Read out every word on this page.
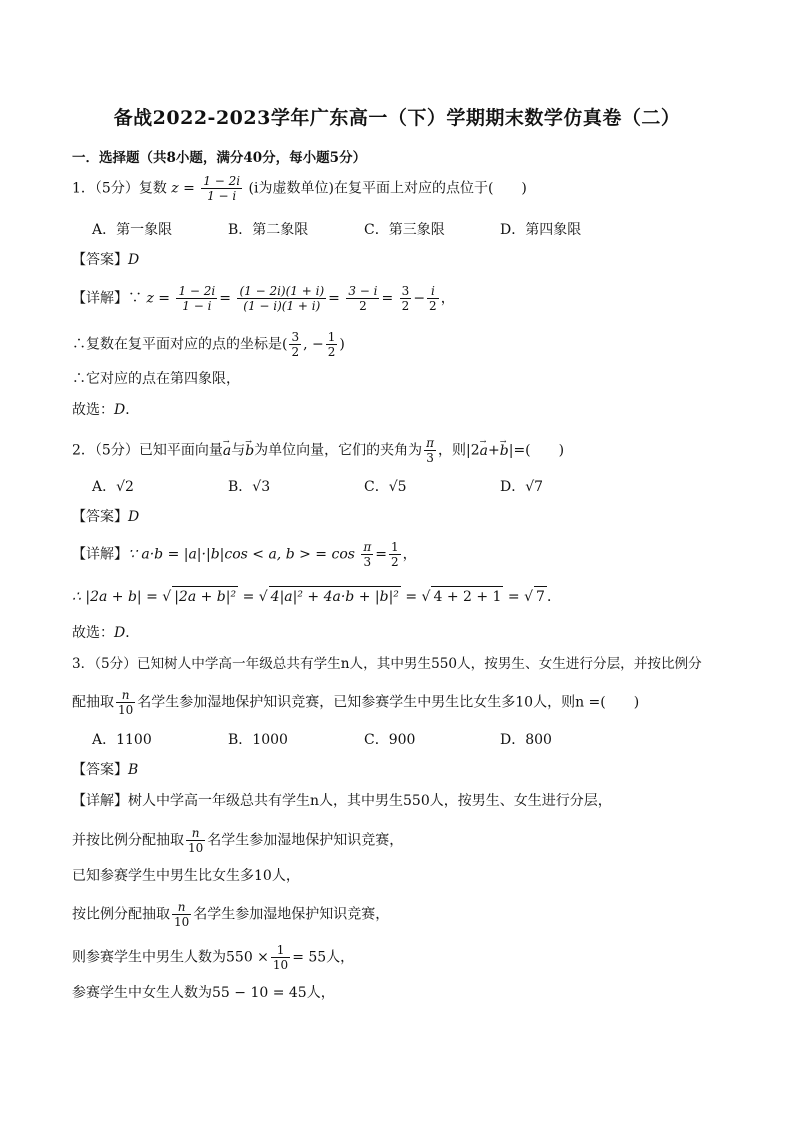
备战2022-2023学年广东高一（下）学期期末数学仿真卷（二）
一．选择题（共8小题，满分40分，每小题5分）
1．（5分）复数 $z = \frac{1 - 2i}{1 - i} (i$为虚数单位)在复平面上对应的点位于(　　)
A．第一象限	B．第二象限	C．第三象限	D．第四象限
【答案】D
【详解】∵ $z = \frac{1 - 2i}{1 - i} = \frac{(1 - 2i)(1 + i)}{(1 - i)(1 + i)} = \frac{3 - i}{2} = \frac{3}{2} - \frac{i}{2}$ ，
∴复数在复平面对应的点的坐标是( $\frac{3}{2}$ , − $\frac{1}{2}$ )
∴它对应的点在第四象限，
故选：D．
2．（5分）已知平面向量a →与b →为单位向量，它们的夹角为 $\frac{\pi}{3}$ ，则|2a →+b →|=(　　)
A．√2	B．√3	C．√5	D．√7
【答案】D
【详解】∵ a·b = |a|·|b|cos < a, b > = $\cos \frac{\pi}{3} = \frac{1}{2}$ ，
∴ |2a + b| = √ |2a + b|² = √ 4|a|² + 4a·b + |b|² = √ 4 + 2 + 1 = √ 7 ．
故选：D．
3．（5分）已知树人中学高一年级总共有学生n人，其中男生550人，按男生、女生进行分层，并按比例分
配抽取 $\frac{n}{10}$ 名学生参加湿地保护知识竞赛，已知参赛学生中男生比女生多10人，则n =(　　)
A．1100	B．1000	C．900	D．800
【答案】B
【详解】树人中学高一年级总共有学生n人，其中男生550人，按男生、女生进行分层，
并按比例分配抽取 $\frac{n}{10}$ 名学生参加湿地保护知识竞赛，
已知参赛学生中男生比女生多10人，
按比例分配抽取 $\frac{n}{10}$ 名学生参加湿地保护知识竞赛，
则参赛学生中男生人数为$550 \times \frac{1}{10} = 55$人，
参赛学生中女生人数为55 − 10 = 45人，
